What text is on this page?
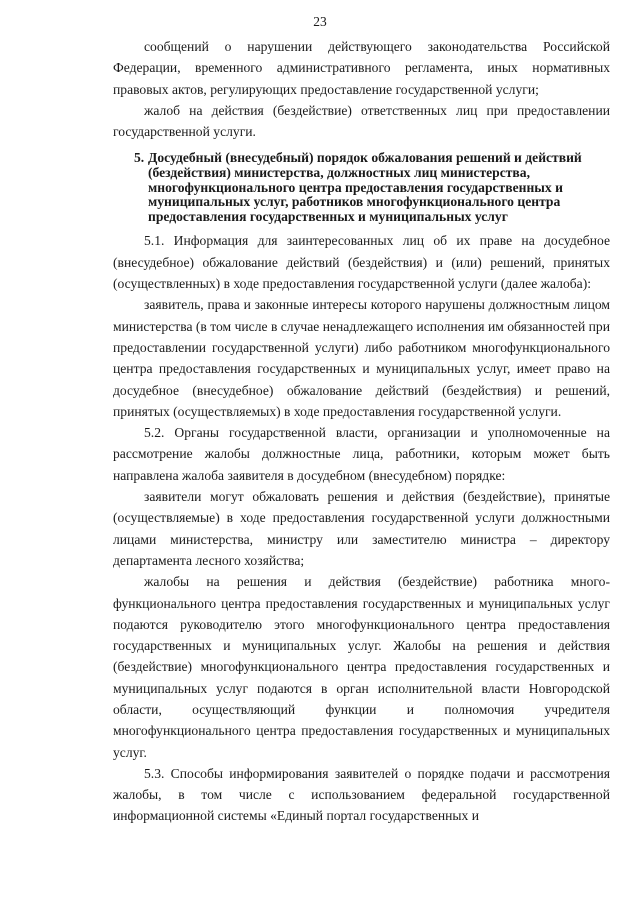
23

сообщений о нарушении действующего законодательства Российской Федерации, временного административного регламента, иных нормативных правовых актов, регулирующих предоставление государственной услуги;

жалоб на действия (бездействие) ответственных лиц при предоставлении государственной услуги.

5. Досудебный (внесудебный) порядок обжалования решений и действий (бездействия) министерства, должностных лиц министерства, многофункционального центра предоставления государственных и муниципальных услуг, работников многофункционального центра предоставления государственных и муниципальных услуг

5.1. Информация для заинтересованных лиц об их праве на досудебное (внесудебное) обжалование действий (бездействия) и (или) решений, принятых (осуществленных) в ходе предоставления государственной услуги (далее жалоба):

заявитель, права и законные интересы которого нарушены должностным лицом министерства (в том числе в случае ненадлежащего исполнения им обязанностей при предоставлении государственной услуги) либо работником многофункционального центра предоставления государственных и муниципальных услуг, имеет право на досудебное (внесудебное) обжалование действий (бездействия) и решений, принятых (осуществляемых) в ходе предоставления государственной услуги.

5.2. Органы государственной власти, организации и уполномоченные на рассмотрение жалобы должностные лица, работники, которым может быть направлена жалоба заявителя в досудебном (внесудебном) порядке:

заявители могут обжаловать решения и действия (бездействие), принятые (осуществляемые) в ходе предоставления государственной услуги должностными лицами министерства, министру или заместителю министра – директору департамента лесного хозяйства;

жалобы на решения и действия (бездействие) работника многофункционального центра предоставления государственных и муниципальных услуг подаются руководителю этого многофункционального центра предоставления государственных и муниципальных услуг. Жалобы на решения и действия (бездействие) многофункционального центра предоставления государственных и муниципальных услуг подаются в орган исполнительной власти Новгородской области, осуществляющий функции и полномочия учредителя многофункционального центра предоставления государственных и муниципальных услуг.

5.3. Способы информирования заявителей о порядке подачи и рассмотрения жалобы, в том числе с использованием федеральной государственной информационной системы «Единый портал государственных и
